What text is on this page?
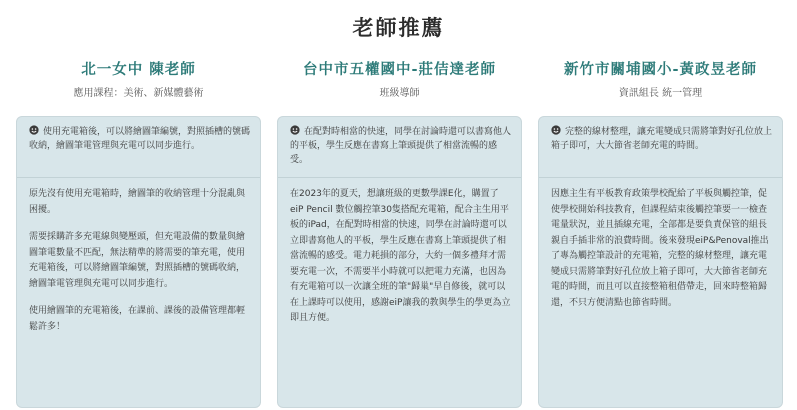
老師推薦
北一女中 陳老師
應用課程：美術、新媒體藝術
使用充電箱後，可以將繪圖筆編號，對照插槽的號碼收納，繪圖筆電管理與充電可以同步進行。

原先沒有使用充電箱時，繪圖筆的收納管理十分混亂與困擾。

需要採購許多充電線與變壓頭，但充電設備的數量與繪圖筆電數量不匹配，無法精準的將需要的筆充電，使用充電箱後，可以將繪圖筆編號，對照插槽的號碼收納，繪圖筆電管理與充電可以同步進行。

使用繪圖筆的充電箱後，在課前、課後的設備管理都輕鬆許多！

台中市五權國中-莊佶達老師
班級導師
在配對時相當的快速，同學在討論時還可以書寫他人的平板，學生反應在書寫上筆頭提供了相當流暢的感受。

在2023年的夏天，想讓班級的更數學課E化，購置了eiP Pencil 數位觸控筆30隻搭配充電箱，配合主生用平板的iPad，在配對時相當的快速，同學在討論時還可以立即書寫他人的平板，學生反應在書寫上筆頭提供了相當流暢的感受。電力耗損的部分，大約一個多禮拜才需要充電一次，不需要半小時就可以把電力充滿，也因為有充電箱可以一次讓全班的筆"歸巢"早自修後，就可以在上課時可以使用，感謝eiP讓我的教與學生的學更為立即且方便。

新竹市關埔國小-黃政昱老師
資訊組長 統一管理
完整的線材整理，讓充電變成只需將筆對好孔位放上箱子即可，大大節省老師充電的時間。

因應主生有平板教育政策學校配給了平板與觸控筆，促使學校開始科技教育，但課程結束後觸控筆要一一檢查電量狀況，並且插線充電，全部都是要負責保管的組長親自手插非常的浪費時間。後來發現eiP&Penoval推出了專為觸控筆設計的充電箱，完整的線材整理，讓充電變成只需將筆對好孔位放上箱子即可，大大節省老師充電的時間，而且可以直接整箱租借帶走，回來時整箱歸還，不只方便清點也節省時間。
